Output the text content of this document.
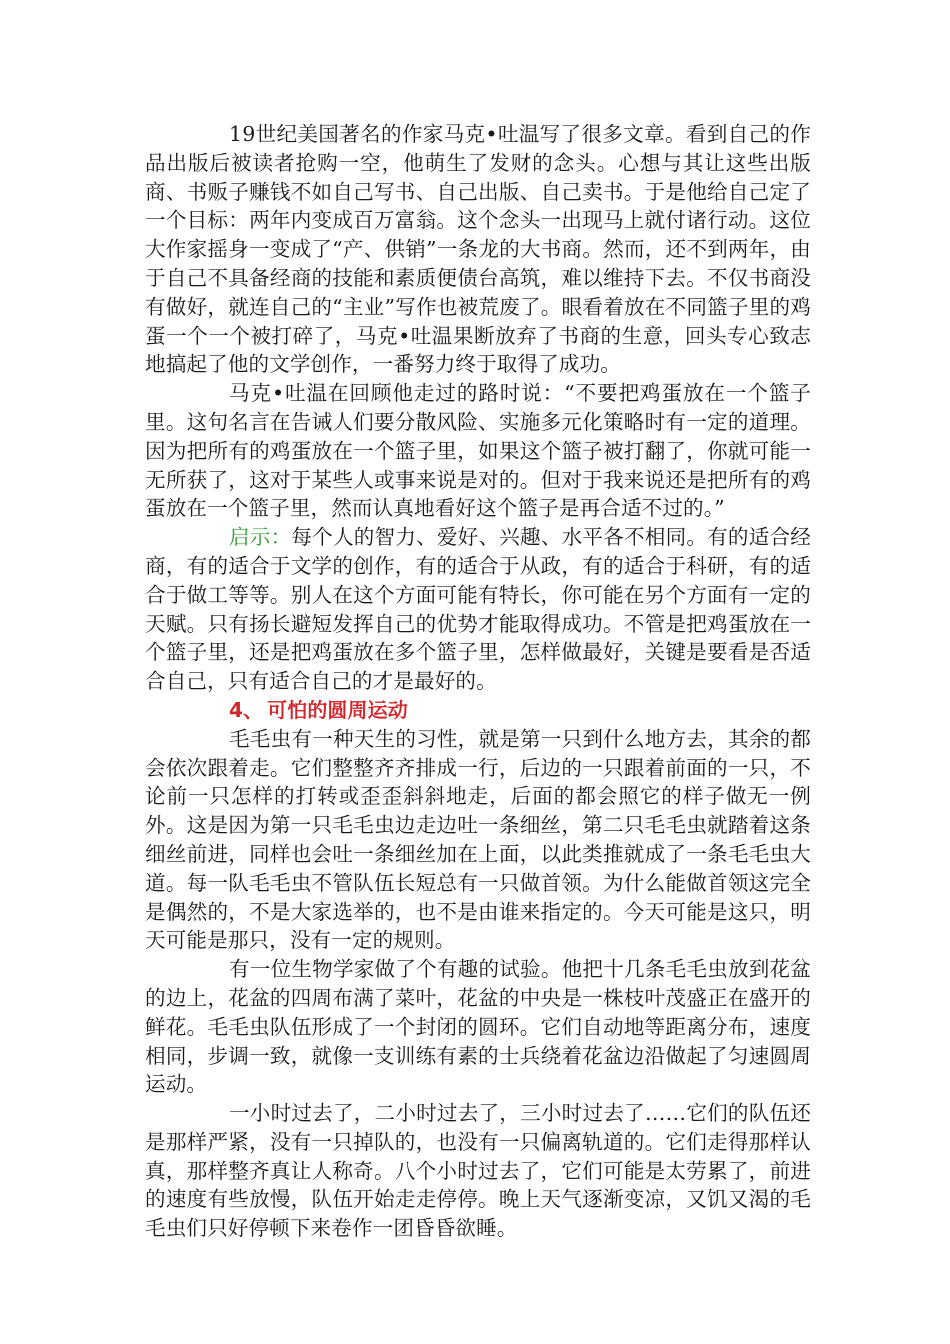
19世纪美国著名的作家马克•吐温写了很多文章。看到自己的作品出版后被读者抢购一空，他萌生了发财的念头。心想与其让这些出版商、书贩子赚钱不如自己写书、自己出版、自己卖书。于是他给自己定了一个目标：两年内变成百万富翁。这个念头一出现马上就付诸行动。这位大作家摇身一变成了“产、供销”一条龙的大书商。然而，还不到两年，由于自己不具备经商的技能和素质便债台高筑，难以维持下去。不仅书商没有做好，就连自己的“主业”写作也被荒废了。眼看着放在不同篮子里的鸡蛋一个一个被打碎了，马克•吐温果断放弃了书商的生意，回头专心致志地搞起了他的文学创作，一番努力终于取得了成功。

马克•吐温在回顾他走过的路时说：“不要把鸡蛋放在一个篮子里。这句名言在告诫人们要分散风险、实施多元化策略时有一定的道理。因为把所有的鸡蛋放在一个篮子里，如果这个篮子被打翻了，你就可能一无所获了，这对于某些人或事来说是对的。但对于我来说还是把所有的鸡蛋放在一个篮子里，然而认真地看好这个篮子是再合适不过的。”

启示：每个人的智力、爱好、兴趣、水平各不相同。有的适合经商，有的适合于文学的创作，有的适合于从政，有的适合于科研，有的适合于做工等等。别人在这个方面可能有特长，你可能在另个方面有一定的天赋。只有扬长避短发挥自己的优势才能取得成功。不管是把鸡蛋放在一个篮子里，还是把鸡蛋放在多个篮子里，怎样做最好，关键是要看是否适合自己，只有适合自己的才是最好的。

4、 可怕的圆周运动

毛毛虫有一种天生的习性，就是第一只到什么地方去，其余的都会依次跟着走。它们整整齐齐排成一行，后边的一只跟着前面的一只，不论前一只怎样的打转或歪歪斜斜地走，后面的都会照它的样子做无一例外。这是因为第一只毛毛虫边走边吐一条细丝，第二只毛毛虫就踏着这条细丝前进，同样也会吐一条细丝加在上面，以此类推就成了一条毛毛虫大道。每一队毛毛虫不管队伍长短总有一只做首领。为什么能做首领这完全是偶然的，不是大家选举的，也不是由谁来指定的。今天可能是这只，明天可能是那只，没有一定的规则。

有一位生物学家做了个有趣的试验。他把十几条毛毛虫放到花盆的边上，花盆的四周布满了菜叶，花盆的中央是一株枝叶茂盛正在盛开的鲜花。毛毛虫队伍形成了一个封闭的圆环。它们自动地等距离分布，速度相同，步调一致，就像一支训练有素的士兵绕着花盆边沿做起了匀速圆周运动。

一小时过去了，二小时过去了，三小时过去了……它们的队伍还是那样严紧，没有一只掉队的，也没有一只偏离轨道的。它们走得那样认真，那样整齐真让人称奇。八个小时过去了，它们可能是太劳累了，前进的速度有些放慢，队伍开始走走停停。晚上天气逐渐变凉，又饥又渴的毛毛虫们只好停顿下来卷作一团昏昏欲睡。
